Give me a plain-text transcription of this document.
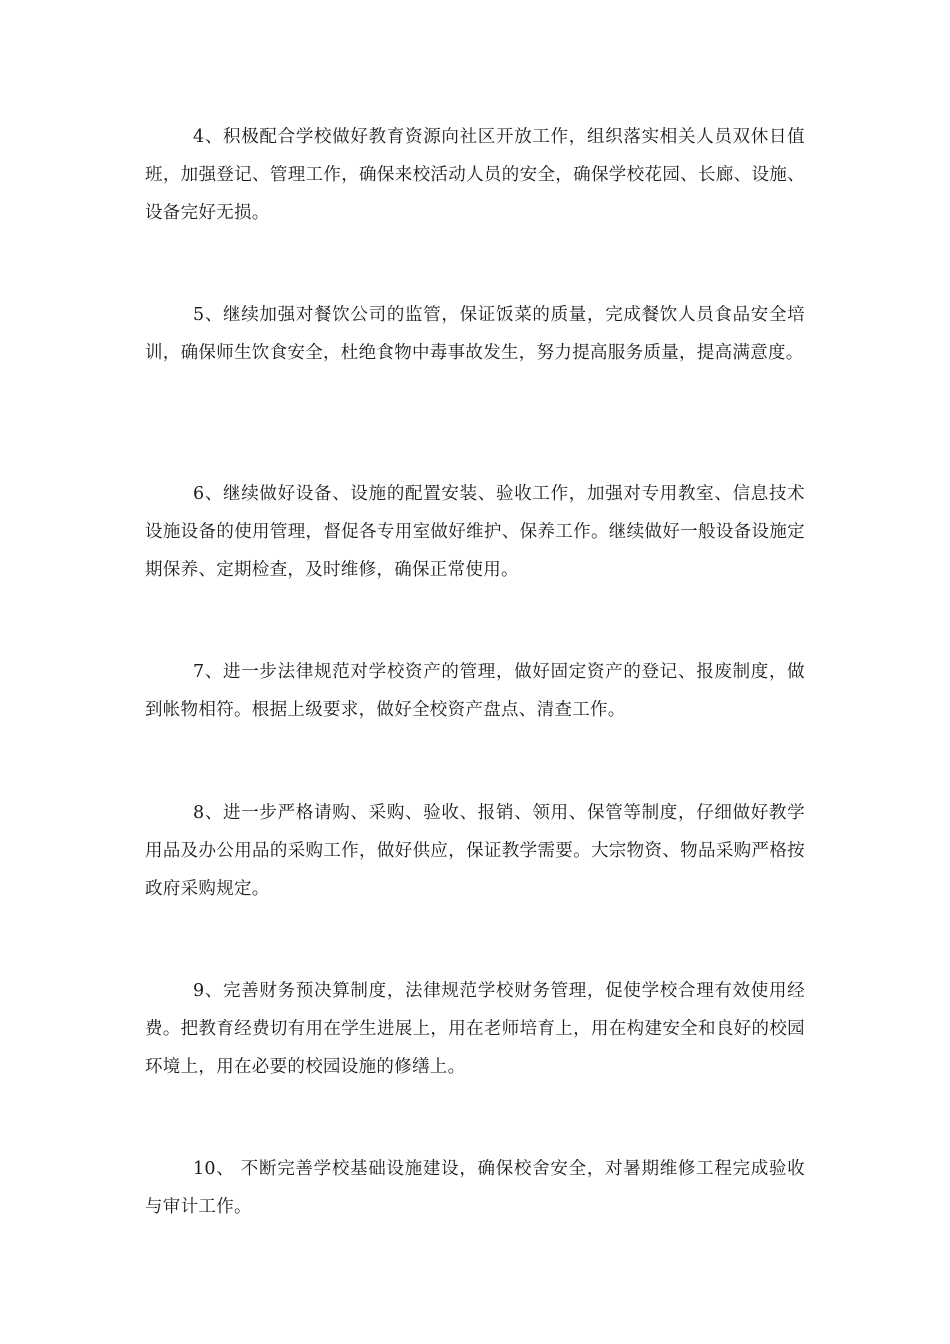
4、积极配合学校做好教育资源向社区开放工作，组织落实相关人员双休日值班，加强登记、管理工作，确保来校活动人员的安全，确保学校花园、长廊、设施、设备完好无损。

5、继续加强对餐饮公司的监管，保证饭菜的质量，完成餐饮人员食品安全培训，确保师生饮食安全，杜绝食物中毒事故发生，努力提高服务质量，提高满意度。

6、继续做好设备、设施的配置安装、验收工作，加强对专用教室、信息技术设施设备的使用管理，督促各专用室做好维护、保养工作。继续做好一般设备设施定期保养、定期检查，及时维修，确保正常使用。

7、进一步法律规范对学校资产的管理，做好固定资产的登记、报废制度，做到帐物相符。根据上级要求，做好全校资产盘点、清查工作。

8、进一步严格请购、采购、验收、报销、领用、保管等制度，仔细做好教学用品及办公用品的采购工作，做好供应，保证教学需要。大宗物资、物品采购严格按政府采购规定。

9、完善财务预决算制度，法律规范学校财务管理，促使学校合理有效使用经费。把教育经费切有用在学生进展上，用在老师培育上，用在构建安全和良好的校园环境上，用在必要的校园设施的修缮上。

10、 不断完善学校基础设施建设，确保校舍安全，对暑期维修工程完成验收与审计工作。
